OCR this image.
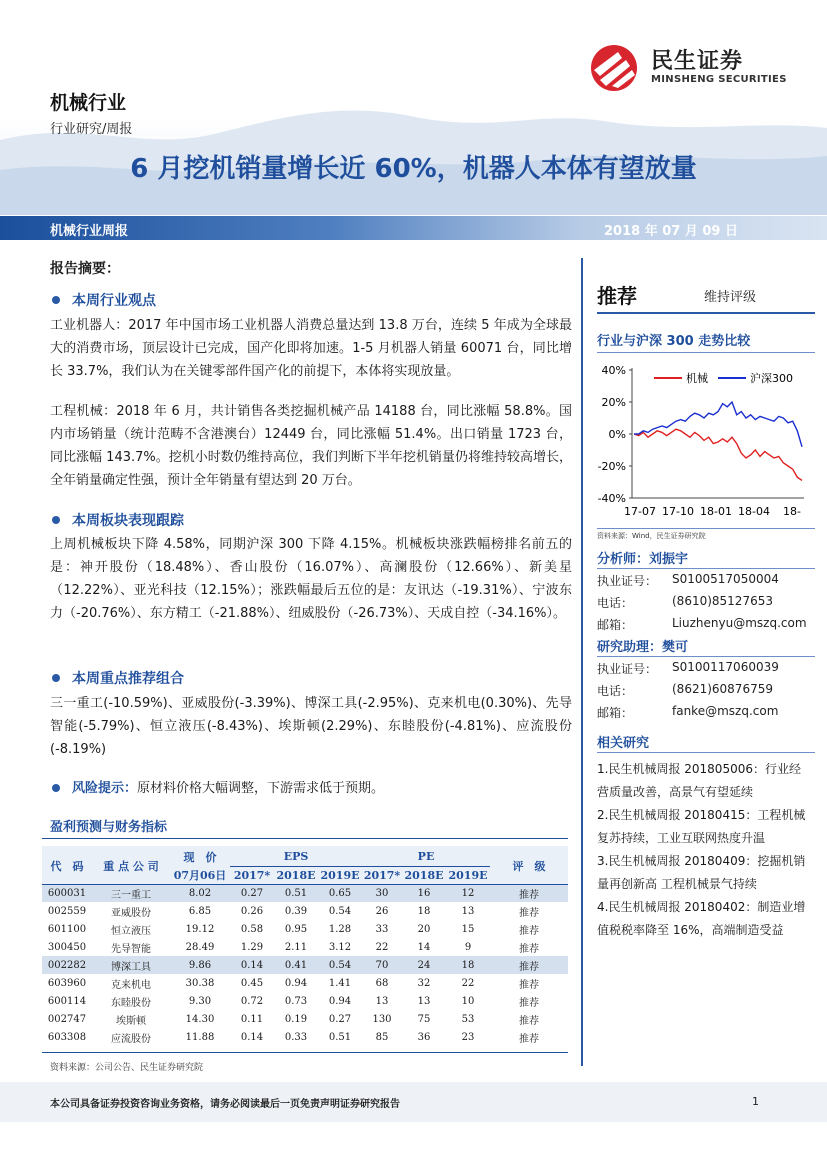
民生证券
MINSHENG SECURITIES
机械行业
行业研究/周报
6 月挖机销量增长近 60%，机器人本体有望放量
机械行业周报	2018 年 07 月 09 日
报告摘要：
本周行业观点
工业机器人：2017 年中国市场工业机器人消费总量达到 13.8 万台，连续 5 年成为全球最大的消费市场，顶层设计已完成，国产化即将加速。1-5 月机器人销量 60071 台，同比增长 33.7%，我们认为在关键零部件国产化的前提下，本体将实现放量。
工程机械：2018 年 6 月，共计销售各类挖掘机械产品 14188 台，同比涨幅 58.8%。国内市场销量（统计范畴不含港澳台）12449 台，同比涨幅 51.4%。出口销量 1723 台，同比涨幅 143.7%。挖机小时数仍维持高位，我们判断下半年挖机销量仍将维持较高增长，全年销量确定性强，预计全年销量有望达到 20 万台。
本周板块表现跟踪
上周机械板块下降 4.58%，同期沪深 300 下降 4.15%。机械板块涨跌幅榜排名前五的是：神开股份（18.48%）、香山股份（16.07%）、高澜股份（12.66%）、新美星（12.22%）、亚光科技（12.15%）；涨跌幅最后五位的是：友讯达（-19.31%）、宁波东力（-20.76%）、东方精工（-21.88%）、纽威股份（-26.73%）、天成自控（-34.16%）。
本周重点推荐组合
三一重工(-10.59%)、亚威股份(-3.39%)、博深工具(-2.95%)、克来机电(0.30%)、先导智能(-5.79%)、恒立液压(-8.43%)、埃斯顿(2.29%)、东睦股份(-4.81%)、应流股份 (-8.19%)
风险提示：原材料价格大幅调整，下游需求低于预期。
盈利预测与财务指标
代　码	重 点 公 司	现　价	EPS			PE			评　级
		07月06日	2017*	2018E	2019E	2017*	2018E	2019E	
600031	三一重工	8.02	0.27	0.51	0.65	30	16	12	推荐
002559	亚威股份	6.85	0.26	0.39	0.54	26	18	13	推荐
601100	恒立液压	19.12	0.58	0.95	1.28	33	20	15	推荐
300450	先导智能	28.49	1.29	2.11	3.12	22	14	9	推荐
002282	博深工具	9.86	0.14	0.41	0.54	70	24	18	推荐
603960	克来机电	30.38	0.45	0.94	1.41	68	32	22	推荐
600114	东睦股份	9.30	0.72	0.73	0.94	13	13	10	推荐
002747	埃斯顿	14.30	0.11	0.19	0.27	130	75	53	推荐
603308	应流股份	11.88	0.14	0.33	0.51	85	36	23	推荐
资料来源：公司公告、民生证券研究院
推荐	维持评级
行业与沪深 300 走势比较
40%
20%
0%
-20%
-40%
17-07 17-10 18-01 18-04 18-
机械	沪深300
资料来源：Wind，民生证券研究院
分析师：刘振宇
执业证号： S0100517050004
电话：	(8610)85127653
邮箱：	Liuzhenyu@mszq.com
研究助理：樊可
执业证号： S0100117060039
电话：	(8621)60876759
邮箱：	fanke@mszq.com
相关研究
1.民生机械周报 201805006：行业经营质量改善，高景气有望延续
2.民生机械周报 20180415：工程机械复苏持续，工业互联网热度升温
3.民生机械周报 20180409：挖掘机销量再创新高 工程机械景气持续
4.民生机械周报 20180402：制造业增值税税率降至 16%，高端制造受益
本公司具备证券投资咨询业务资格，请务必阅读最后一页免责声明证券研究报告	1
